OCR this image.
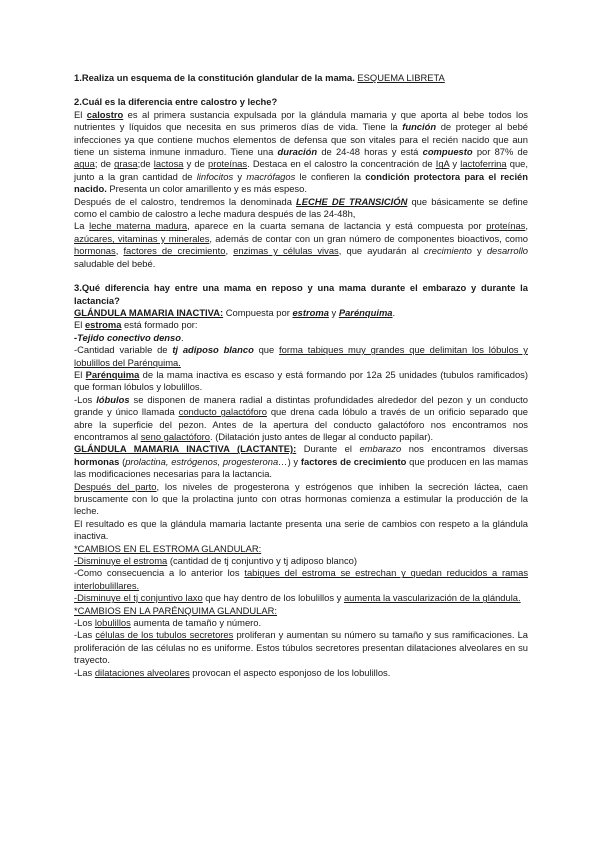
1.Realiza un esquema de la constitución glandular de la mama. ESQUEMA LIBRETA
2.Cuál es la diferencia entre calostro y leche?
El calostro es al primera sustancia expulsada por la glándula mamaria y que aporta al bebe todos los nutrientes y líquidos que necesita en sus primeros días de vida. Tiene la función de proteger al bebé infecciones ya que contiene muchos elementos de defensa que son vitales para el recién nacido que aun tiene un sistema inmune inmaduro. Tiene una duración de 24-48 horas y está compuesto por 87% de agua; de grasa;de lactosa y de proteínas. Destaca en el calostro la concentración de IgA y lactoferrina que, junto a la gran cantidad de linfocitos y macrófagos le confieren la condición protectora para el recién nacido. Presenta un color amarillento y es más espeso.
Después de el calostro, tendremos la denominada LECHE DE TRANSICIÓN que básicamente se define como el cambio de calostro a leche madura después de las 24-48h,
La leche materna madura, aparece en la cuarta semana de lactancia y está compuesta por proteínas, azúcares, vitaminas y minerales, además de contar con un gran número de componentes bioactivos, como hormonas, factores de crecimiento, enzimas y células vivas, que ayudarán al crecimiento y desarrollo saludable del bebé.
3.Qué diferencia hay entre una mama en reposo y una mama durante el embarazo y durante la lactancia?
GLÁNDULA MAMARIA INACTIVA: Compuesta por estroma y Parénquima.
El estroma está formado por:
-Tejido conectivo denso.
-Cantidad variable de tj adiposo blanco que forma tabiques muy grandes que delimitan los lóbulos y lobulillos del Parénquima.
El Parénquima de la mama inactiva es escaso y está formando por 12a 25 unidades (tubulos ramificados) que forman lóbulos y lobulillos.
-Los lóbulos se disponen de manera radial a distintas profundidades alrededor del pezon y un conducto grande y único llamada conducto galactóforo que drena cada lóbulo a través de un orificio separado que abre la superficie del pezon. Antes de la apertura del conducto galactóforo nos encontramos nos encontramos al seno galactóforo. (Dilatación justo antes de llegar al conducto papilar).
GLÁNDULA MAMARIA INACTIVA (LACTANTE): Durante el embarazo nos encontramos diversas hormonas (prolactina, estrógenos, progesterona…) y factores de crecimiento que producen en las mamas las modificaciones necesarias para la lactancia.
Después del parto, los niveles de progesterona y estrógenos que inhiben la secreción láctea, caen bruscamente con lo que la prolactina junto con otras hormonas comienza a estimular la producción de la leche.
El resultado es que la glándula mamaria lactante presenta una serie de cambios con respeto a la glándula inactiva.
*CAMBIOS EN EL ESTROMA GLANDULAR:
-Disminuye el estroma (cantidad de tj conjuntivo y tj adiposo blanco)
-Como consecuencia a lo anterior los tabiques del estroma se estrechan y quedan reducidos a ramas interlobulillares.
-Disminuye el tj conjuntivo laxo que hay dentro de los lobulillos y aumenta la vascularización de la glándula.
*CAMBIOS EN LA PARÉNQUIMA GLANDULAR:
-Los lobulillos aumenta de tamaño y número.
-Las células de los tubulos secretores proliferan y aumentan su número su tamaño y sus ramificaciones. La proliferación de las células no es uniforme. Estos túbulos secretores presentan dilataciones alveolares en su trayecto.
-Las dilataciones alveolares provocan el aspecto esponjoso de los lobulillos.
